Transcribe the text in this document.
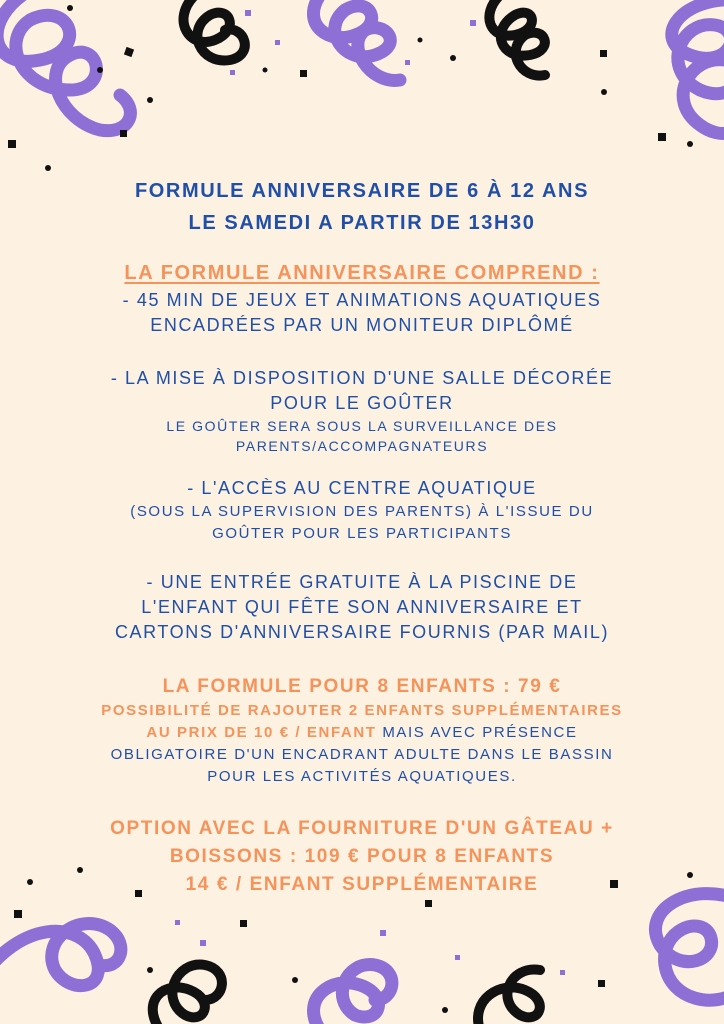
FORMULE ANNIVERSAIRE DE 6 À 12 ANS

LE SAMEDI A PARTIR DE 13H30

LA FORMULE ANNIVERSAIRE COMPREND :

- 45 MIN DE JEUX ET ANIMATIONS AQUATIQUES

ENCADRÉES PAR UN MONITEUR DIPLÔMÉ

- LA MISE À DISPOSITION D'UNE SALLE DÉCORÉE

POUR LE GOÛTER

LE GOÛTER SERA SOUS LA SURVEILLANCE DES

PARENTS/ACCOMPAGNATEURS

- L'ACCÈS AU CENTRE AQUATIQUE

(SOUS LA SUPERVISION DES PARENTS) À L'ISSUE DU

GOÛTER POUR LES PARTICIPANTS

- UNE ENTRÉE GRATUITE À LA PISCINE DE

L'ENFANT QUI FÊTE SON ANNIVERSAIRE ET

CARTONS D'ANNIVERSAIRE FOURNIS (PAR MAIL)

LA FORMULE POUR 8 ENFANTS : 79 €

POSSIBILITÉ DE RAJOUTER 2 ENFANTS SUPPLÉMENTAIRES

AU PRIX DE 10 € / ENFANT MAIS AVEC PRÉSENCE

OBLIGATOIRE D'UN ENCADRANT ADULTE DANS LE BASSIN

POUR LES ACTIVITÉS AQUATIQUES.

OPTION AVEC LA FOURNITURE D'UN GÂTEAU +

BOISSONS : 109 € POUR 8 ENFANTS

14 € / ENFANT SUPPLÉMENTAIRE
